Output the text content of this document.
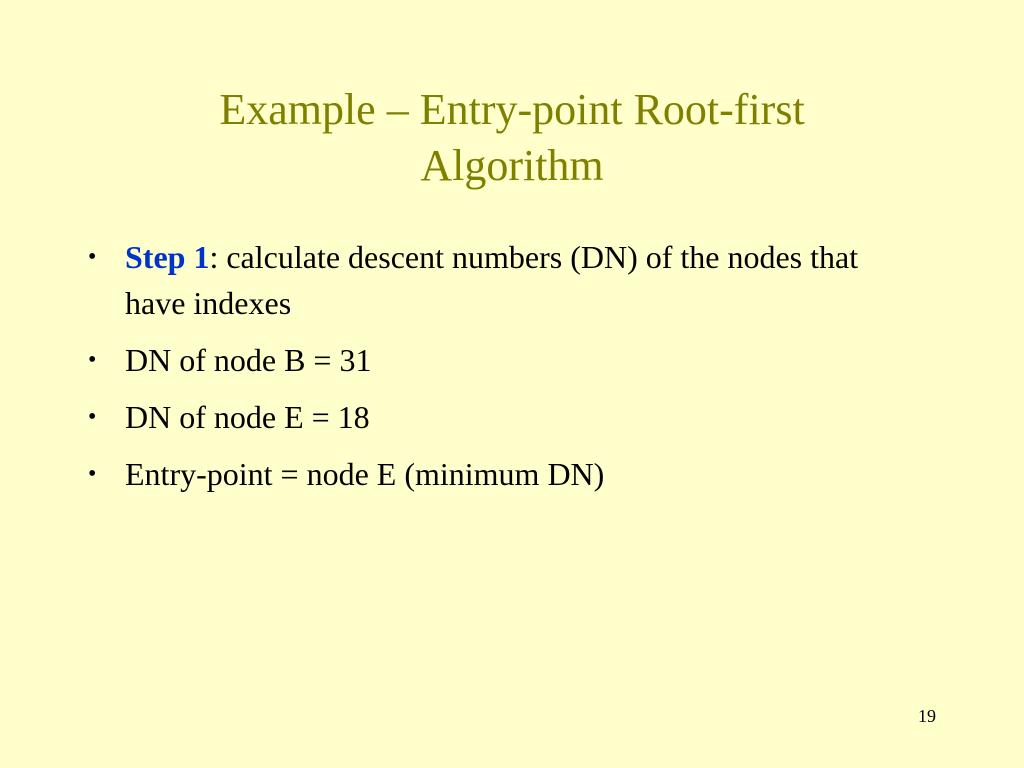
Example – Entry-point Root-first
Algorithm
• Step 1: calculate descent numbers (DN) of the nodes that have indexes
• DN of node B = 31
• DN of node E = 18
• Entry-point = node E (minimum DN)
19
